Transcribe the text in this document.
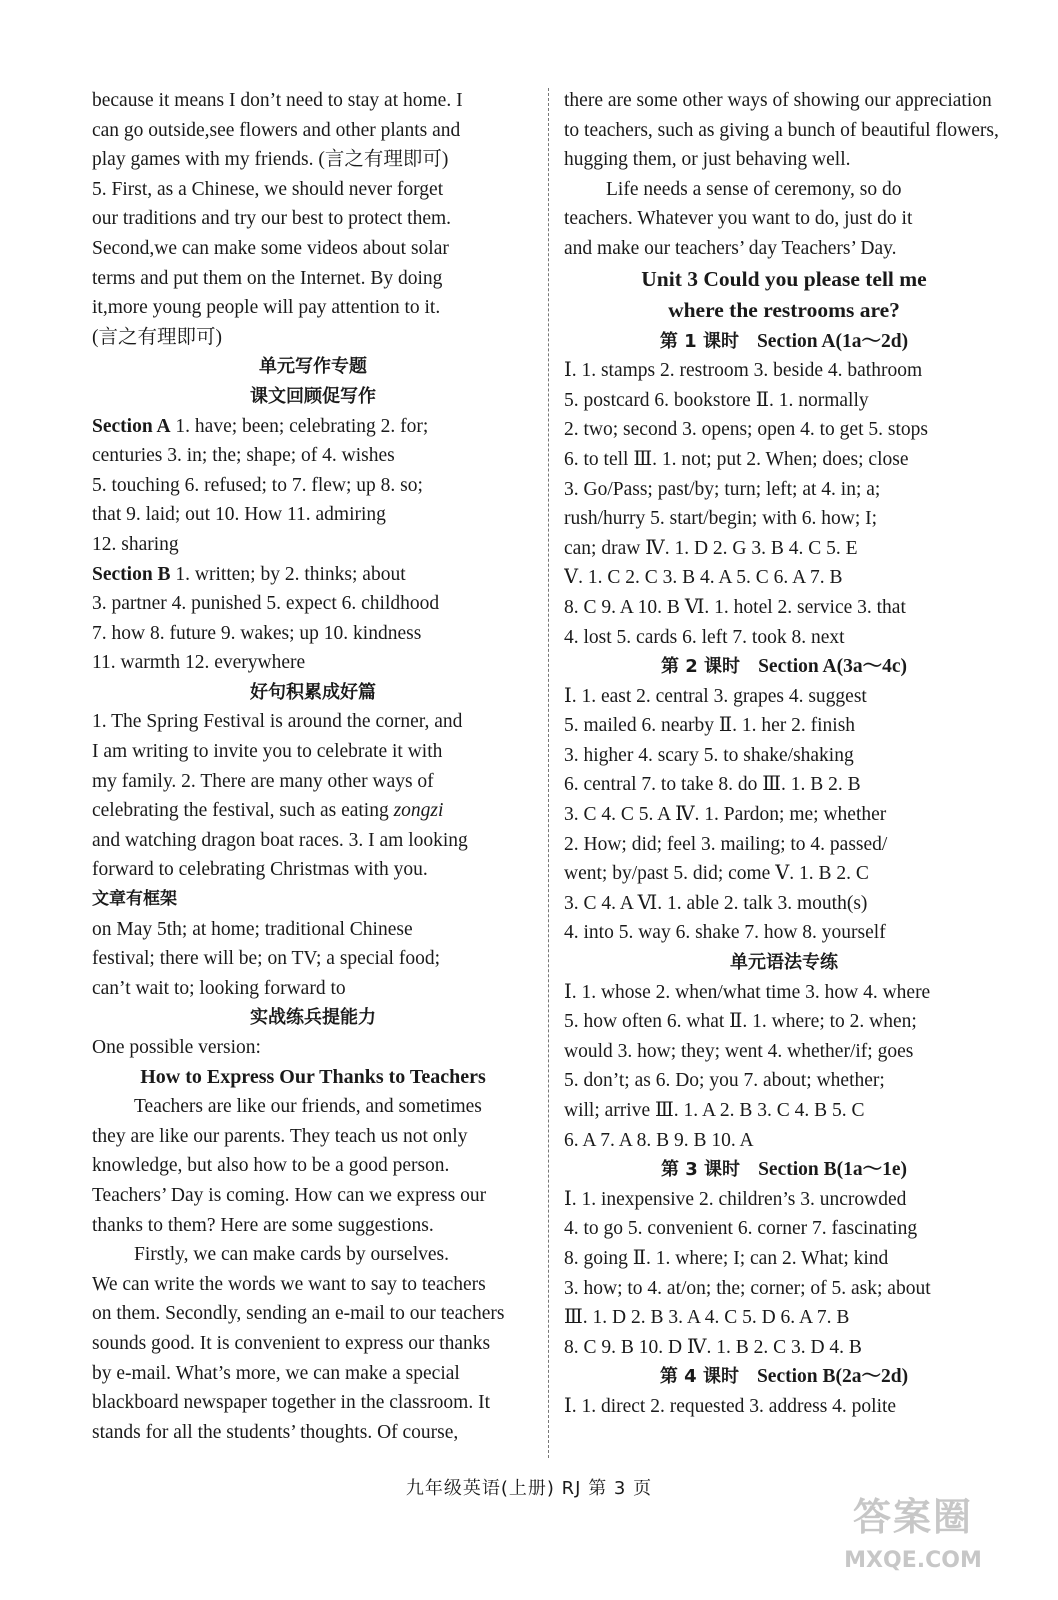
because it means I don’t need to stay at home. I
can go outside,see flowers and other plants and
play games with my friends. (言之有理即可)
5. First, as a Chinese, we should never forget
our traditions and try our best to protect them.
Second,we can make some videos about solar
terms and put them on the Internet. By doing
it,more young people will pay attention to it.
(言之有理即可)
单元写作专题
课文回顾促写作
Section A 1. have; been; celebrating 2. for;
centuries 3. in; the; shape; of 4. wishes
5. touching 6. refused; to 7. flew; up 8. so;
that 9. laid; out 10. How 11. admiring
12. sharing
Section B 1. written; by 2. thinks; about
3. partner 4. punished 5. expect 6. childhood
7. how 8. future 9. wakes; up 10. kindness
11. warmth 12. everywhere
好句积累成好篇
1. The Spring Festival is around the corner, and
I am writing to invite you to celebrate it with
my family. 2. There are many other ways of
celebrating the festival, such as eating zongzi
and watching dragon boat races. 3. I am looking
forward to celebrating Christmas with you.
文章有框架
on May 5th; at home; traditional Chinese
festival; there will be; on TV; a special food;
can’t wait to; looking forward to
实战练兵提能力
One possible version:
How to Express Our Thanks to Teachers
Teachers are like our friends, and sometimes
they are like our parents. They teach us not only
knowledge, but also how to be a good person.
Teachers’ Day is coming. How can we express our
thanks to them? Here are some suggestions.
Firstly, we can make cards by ourselves.
We can write the words we want to say to teachers
on them. Secondly, sending an e-mail to our teachers
sounds good. It is convenient to express our thanks
by e-mail. What’s more, we can make a special
blackboard newspaper together in the classroom. It
stands for all the students’ thoughts. Of course,
there are some other ways of showing our appreciation
to teachers, such as giving a bunch of beautiful flowers,
hugging them, or just behaving well.
Life needs a sense of ceremony, so do
teachers. Whatever you want to do, just do it
and make our teachers’ day Teachers’ Day.
Unit 3 Could you please tell me
where the restrooms are?
第 1 课时 Section A(1a～2d)
Ⅰ. 1. stamps 2. restroom 3. beside 4. bathroom
5. postcard 6. bookstore Ⅱ. 1. normally
2. two; second 3. opens; open 4. to get 5. stops
6. to tell Ⅲ. 1. not; put 2. When; does; close
3. Go/Pass; past/by; turn; left; at 4. in; a;
rush/hurry 5. start/begin; with 6. how; I;
can; draw Ⅳ. 1. D 2. G 3. B 4. C 5. E
Ⅴ. 1. C 2. C 3. B 4. A 5. C 6. A 7. B
8. C 9. A 10. B Ⅵ. 1. hotel 2. service 3. that
4. lost 5. cards 6. left 7. took 8. next
第 2 课时 Section A(3a～4c)
Ⅰ. 1. east 2. central 3. grapes 4. suggest
5. mailed 6. nearby Ⅱ. 1. her 2. finish
3. higher 4. scary 5. to shake/shaking
6. central 7. to take 8. do Ⅲ. 1. B 2. B
3. C 4. C 5. A Ⅳ. 1. Pardon; me; whether
2. How; did; feel 3. mailing; to 4. passed/
went; by/past 5. did; come Ⅴ. 1. B 2. C
3. C 4. A Ⅵ. 1. able 2. talk 3. mouth(s)
4. into 5. way 6. shake 7. how 8. yourself
单元语法专练
Ⅰ. 1. whose 2. when/what time 3. how 4. where
5. how often 6. what Ⅱ. 1. where; to 2. when;
would 3. how; they; went 4. whether/if; goes
5. don’t; as 6. Do; you 7. about; whether;
will; arrive Ⅲ. 1. A 2. B 3. C 4. B 5. C
6. A 7. A 8. B 9. B 10. A
第 3 课时 Section B(1a～1e)
Ⅰ. 1. inexpensive 2. children’s 3. uncrowded
4. to go 5. convenient 6. corner 7. fascinating
8. going Ⅱ. 1. where; I; can 2. What; kind
3. how; to 4. at/on; the; corner; of 5. ask; about
Ⅲ. 1. D 2. B 3. A 4. C 5. D 6. A 7. B
8. C 9. B 10. D Ⅳ. 1. B 2. C 3. D 4. B
第 4 课时 Section B(2a～2d)
Ⅰ. 1. direct 2. requested 3. address 4. polite
九年级英语(上册) RJ 第 3 页
答案圈
MXQE.COM
